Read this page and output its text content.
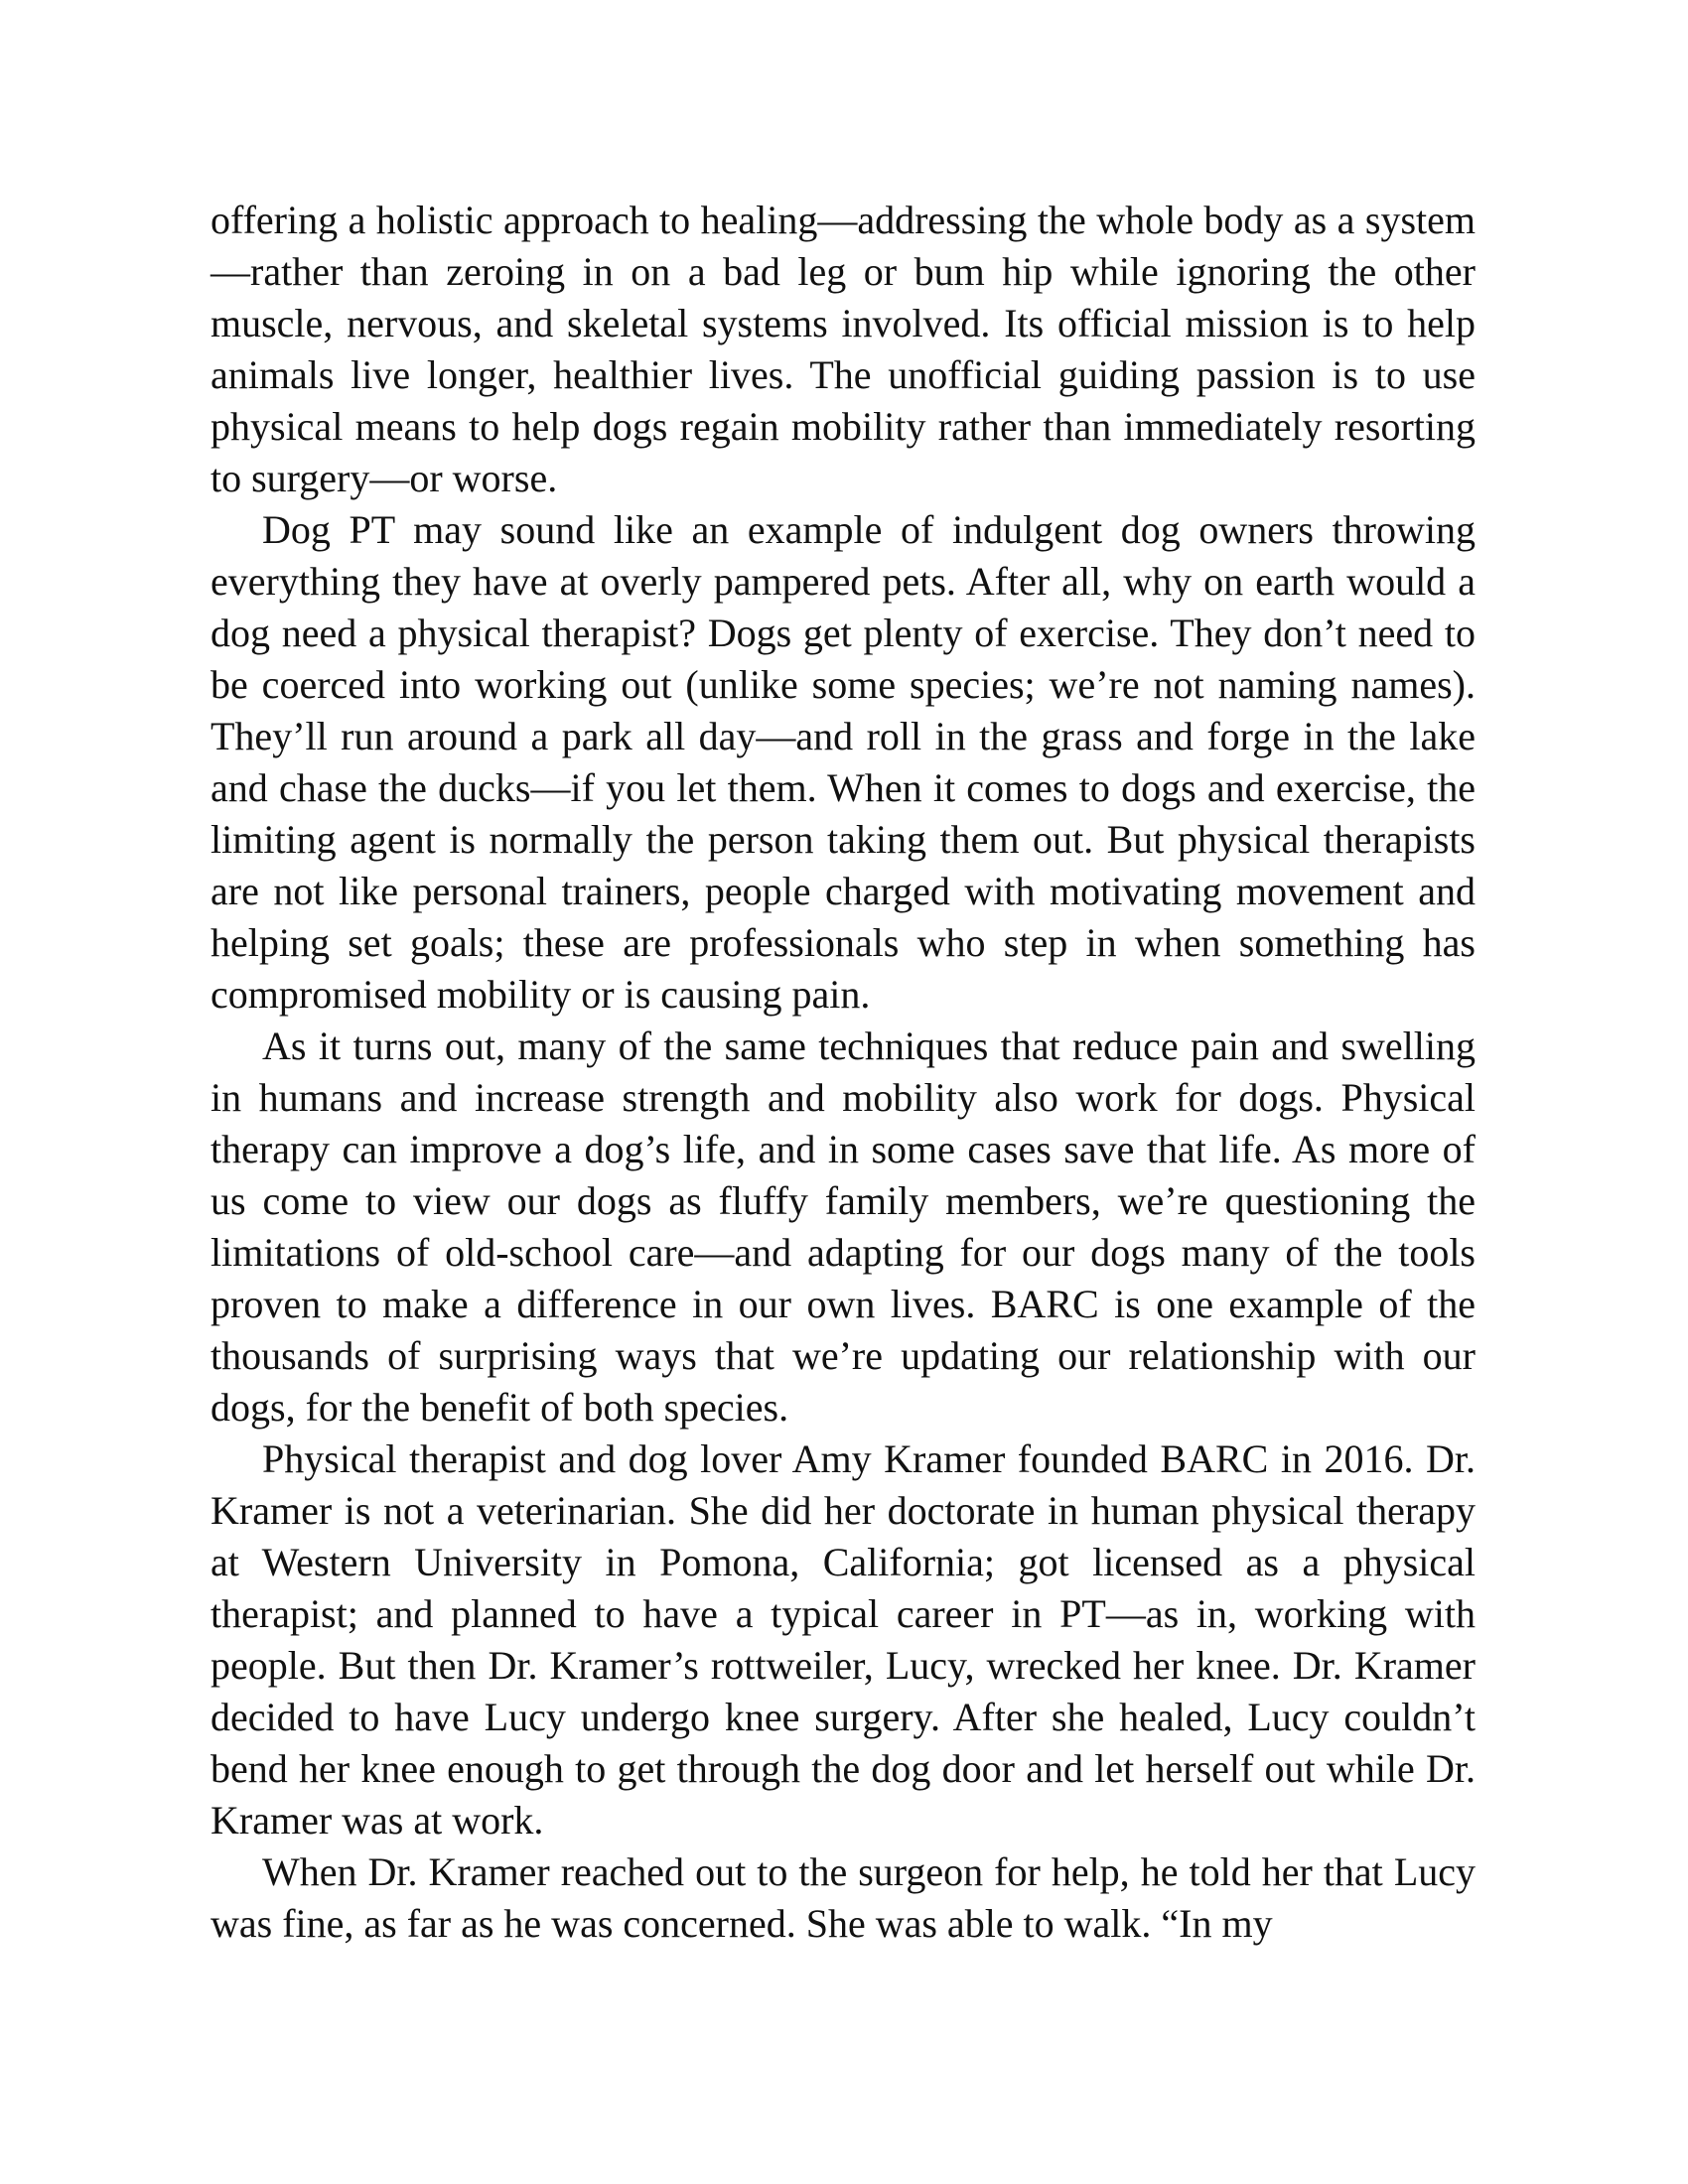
offering a holistic approach to healing—addressing the whole body as a system—rather than zeroing in on a bad leg or bum hip while ignoring the other muscle, nervous, and skeletal systems involved. Its official mission is to help animals live longer, healthier lives. The unofficial guiding passion is to use physical means to help dogs regain mobility rather than immediately resorting to surgery—or worse.

Dog PT may sound like an example of indulgent dog owners throwing everything they have at overly pampered pets. After all, why on earth would a dog need a physical therapist? Dogs get plenty of exercise. They don’t need to be coerced into working out (unlike some species; we’re not naming names). They’ll run around a park all day—and roll in the grass and forge in the lake and chase the ducks—if you let them. When it comes to dogs and exercise, the limiting agent is normally the person taking them out. But physical therapists are not like personal trainers, people charged with motivating movement and helping set goals; these are professionals who step in when something has compromised mobility or is causing pain.

As it turns out, many of the same techniques that reduce pain and swelling in humans and increase strength and mobility also work for dogs. Physical therapy can improve a dog’s life, and in some cases save that life. As more of us come to view our dogs as fluffy family members, we’re questioning the limitations of old-school care—and adapting for our dogs many of the tools proven to make a difference in our own lives. BARC is one example of the thousands of surprising ways that we’re updating our relationship with our dogs, for the benefit of both species.

Physical therapist and dog lover Amy Kramer founded BARC in 2016. Dr. Kramer is not a veterinarian. She did her doctorate in human physical therapy at Western University in Pomona, California; got licensed as a physical therapist; and planned to have a typical career in PT—as in, working with people. But then Dr. Kramer’s rottweiler, Lucy, wrecked her knee. Dr. Kramer decided to have Lucy undergo knee surgery. After she healed, Lucy couldn’t bend her knee enough to get through the dog door and let herself out while Dr. Kramer was at work.

When Dr. Kramer reached out to the surgeon for help, he told her that Lucy was fine, as far as he was concerned. She was able to walk. “In my
